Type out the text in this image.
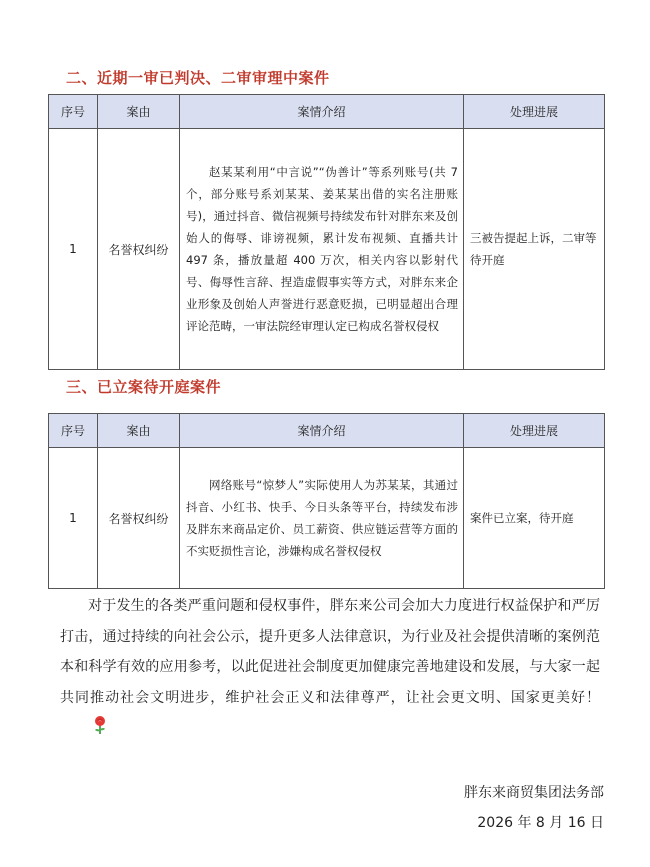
二、近期一审已判决、二审审理中案件
序号	案由	案情介绍	处理进展
1	名誉权纠纷	赵某某利用“中言说”“伪善计”等系列账号(共 7 个，部分账号系刘某某、姜某某出借的实名注册账号)，通过抖音、微信视频号持续发布针对胖东来及创始人的侮辱、诽谤视频，累计发布视频、直播共计 497 条，播放量超 400 万次，相关内容以影射代号、侮辱性言辞、捏造虚假事实等方式，对胖东来企业形象及创始人声誉进行恶意贬损，已明显超出合理评论范畴，一审法院经审理认定已构成名誉权侵权	三被告提起上诉，二审等待开庭
三、已立案待开庭案件
序号	案由	案情介绍	处理进展
1	名誉权纠纷	网络账号“惊梦人”实际使用人为苏某某，其通过抖音、小红书、快手、今日头条等平台，持续发布涉及胖东来商品定价、员工薪资、供应链运营等方面的不实贬损性言论，涉嫌构成名誉权侵权	案件已立案，待开庭
对于发生的各类严重问题和侵权事件，胖东来公司会加大力度进行权益保护和严厉打击，通过持续的向社会公示，提升更多人法律意识，为行业及社会提供清晰的案例范本和科学有效的应用参考，以此促进社会制度更加健康完善地建设和发展，与大家一起共同推动社会文明进步，维护社会正义和法律尊严，让社会更文明、国家更美好！
胖东来商贸集团法务部
2026 年 8 月 16 日
